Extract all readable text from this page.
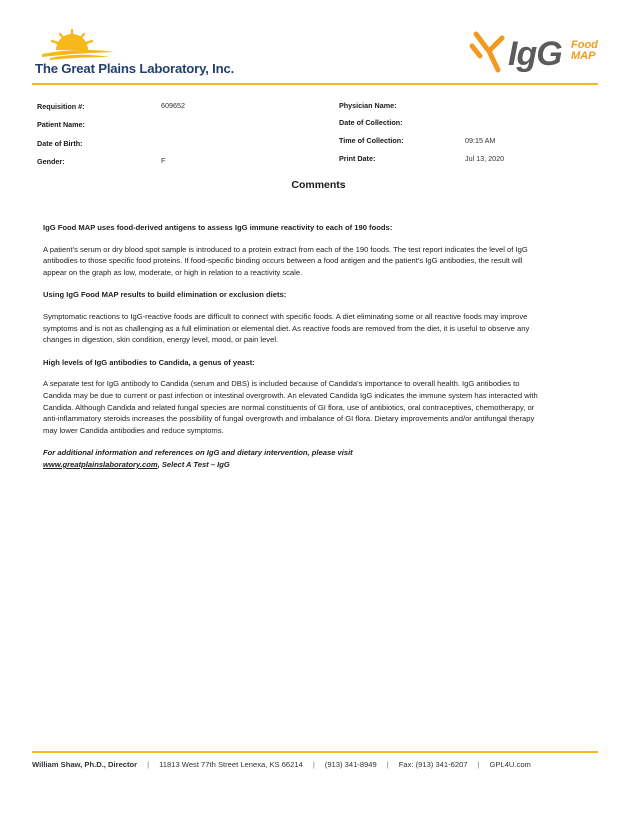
The Great Plains Laboratory, Inc.	IgG Food
MAP
Requisition #:	609652
Patient Name:
Date of Birth:
Gender:	F
Physician Name:
Date of Collection:
Time of Collection:	09:15 AM
Print Date:	Jul 13, 2020
Comments
IgG Food MAP uses food-derived antigens to assess IgG immune reactivity to each of 190 foods:
A patient’s serum or dry blood spot sample is introduced to a protein extract from each of the 190 foods. The test report indicates the level of IgG antibodies to those specific food proteins. If food-specific binding occurs between a food antigen and the patient’s IgG antibodies, the result will appear on the graph as low, moderate, or high in relation to a reactivity scale.
Using IgG Food MAP results to build elimination or exclusion diets:
Symptomatic reactions to IgG-reactive foods are difficult to connect with specific foods. A diet eliminating some or all reactive foods may improve symptoms and is not as challenging as a full elimination or elemental diet. As reactive foods are removed from the diet, it is useful to observe any changes in digestion, skin condition, energy level, mood, or pain level.
High levels of IgG antibodies to Candida, a genus of yeast:
A separate test for IgG antibody to Candida (serum and DBS) is included because of Candida’s importance to overall health. IgG antibodies to Candida may be due to current or past infection or intestinal overgrowth. An elevated Candida IgG indicates the immune system has interacted with Candida. Although Candida and related fungal species are normal constituents of GI flora, use of antibiotics, oral contraceptives, chemotherapy, or anti-inflammatory steroids increases the possibility of fungal overgrowth and imbalance of GI flora. Dietary improvements and/or antifungal therapy may lower Candida antibodies and reduce symptoms.
For additional information and references on IgG and dietary intervention, please visit
www.greatplainslaboratory.com, Select A Test – IgG
William Shaw, Ph.D., Director | 11813 West 77th Street Lenexa, KS 66214 | (913) 341-8949 | Fax: (913) 341-6207 | GPL4U.com
